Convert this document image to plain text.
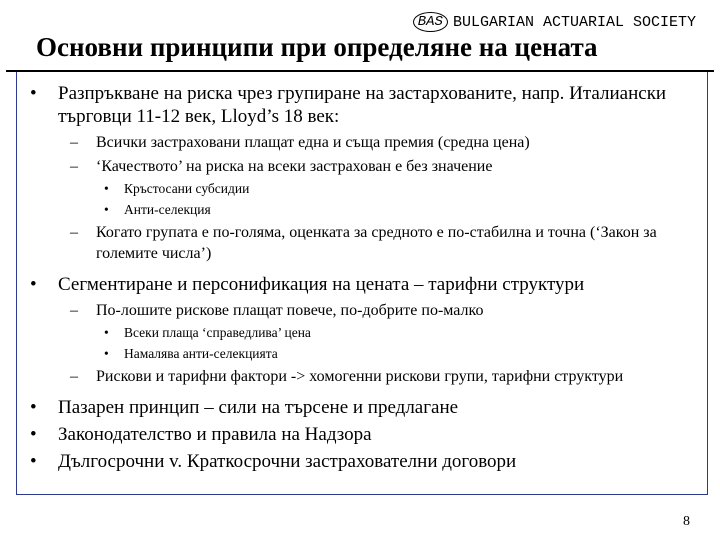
BAS BULGARIAN ACTUARIAL SOCIETY
Основни принципи при определяне на цената
• Разпръкване на риска чрез групиране на застархованите, напр. Италиански търговци 11-12 век, Lloyd’s 18 век:
– Всички застраховани плащат една и съща премия (средна цена)
– ‘Качеството’ на риска на всеки застрахован е без значение
• Кръстосани субсидии
• Анти-селекция
– Когато групата е по-голяма, оценката за средното е по-стабилна и точна (‘Закон за големите числа’)
• Сегментиране и персонификация на цената – тарифни структури
– По-лошите рискове плащат повече, по-добрите по-малко
• Всеки плаща ‘справедлива’ цена
• Намалява анти-селекцията
– Рискови и тарифни фактори -> хомогенни рискови групи, тарифни структури
• Пазарен принцип – сили на търсене и предлагане
• Законодателство и правила на Надзора
• Дългосрочни v. Краткосрочни застрахователни договори
8
